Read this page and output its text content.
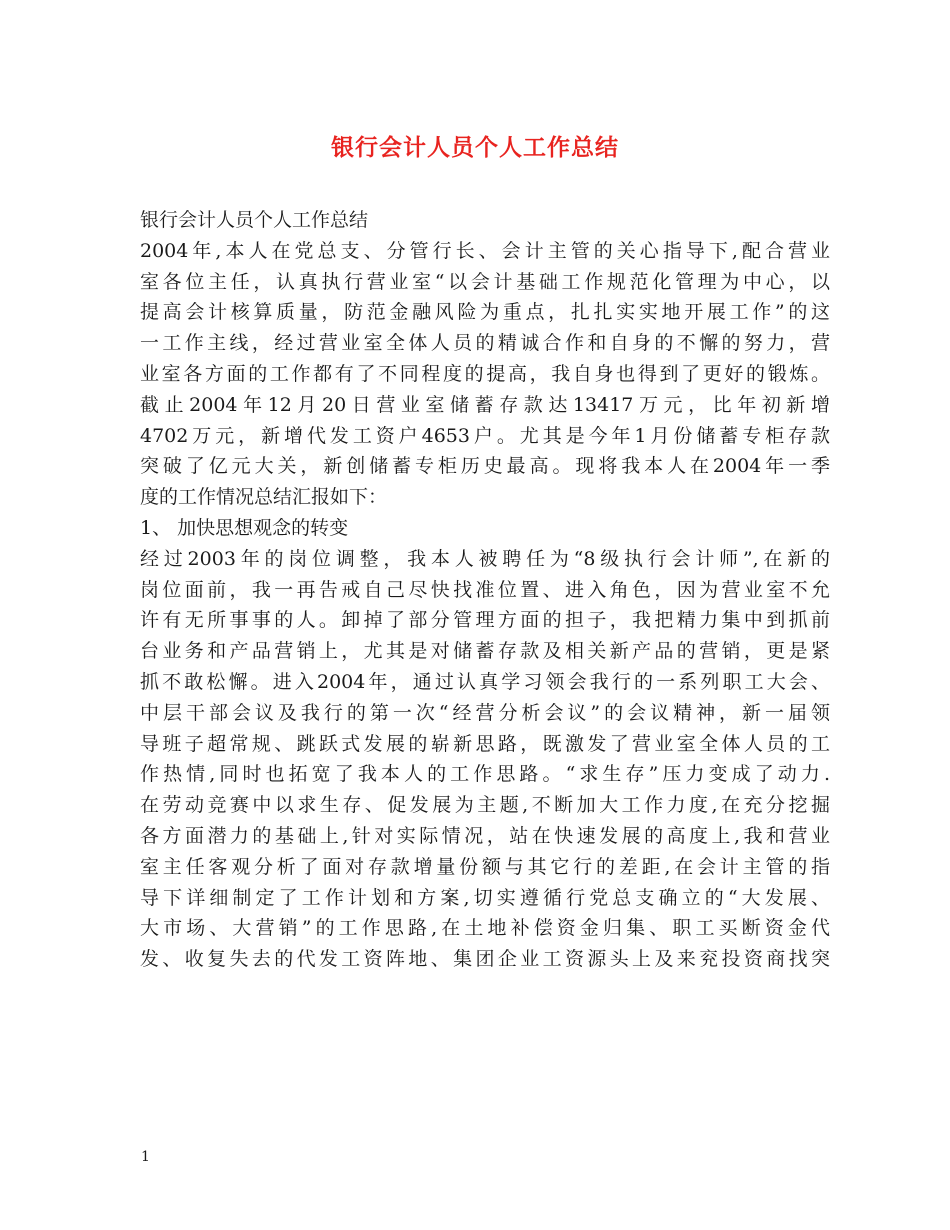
银行会计人员个人工作总结
银行会计人员个人工作总结
2004年,本人在党总支、分管行长、会计主管的关心指导下,配合营业
室各位主任，认真执行营业室“以会计基础工作规范化管理为中心，以
提高会计核算质量，防范金融风险为重点，扎扎实实地开展工作”的这
一工作主线，经过营业室全体人员的精诚合作和自身的不懈的努力，营
业室各方面的工作都有了不同程度的提高，我自身也得到了更好的锻炼。
截止2004年12月20日营业室储蓄存款达13417万元，比年初新增
4702万元，新增代发工资户4653户。尤其是今年1月份储蓄专柜存款
突破了亿元大关，新创储蓄专柜历史最高。现将我本人在2004年一季
度的工作情况总结汇报如下：
1、 加快思想观念的转变
经过2003年的岗位调整，我本人被聘任为“8级执行会计师”,在新的
岗位面前，我一再告戒自己尽快找准位置、进入角色，因为营业室不允
许有无所事事的人。卸掉了部分管理方面的担子，我把精力集中到抓前
台业务和产品营销上，尤其是对储蓄存款及相关新产品的营销，更是紧
抓不敢松懈。进入2004年，通过认真学习领会我行的一系列职工大会、
中层干部会议及我行的第一次“经营分析会议”的会议精神，新一届领
导班子超常规、跳跃式发展的崭新思路，既激发了营业室全体人员的工
作热情,同时也拓宽了我本人的工作思路。“求生存”压力变成了动力.
在劳动竞赛中以求生存、促发展为主题,不断加大工作力度,在充分挖掘
各方面潜力的基础上,针对实际情况，站在快速发展的高度上,我和营业
室主任客观分析了面对存款增量份额与其它行的差距,在会计主管的指
导下详细制定了工作计划和方案,切实遵循行党总支确立的“大发展、
大市场、大营销”的工作思路,在土地补偿资金归集、职工买断资金代
发、收复失去的代发工资阵地、集团企业工资源头上及来兖投资商找突
1
